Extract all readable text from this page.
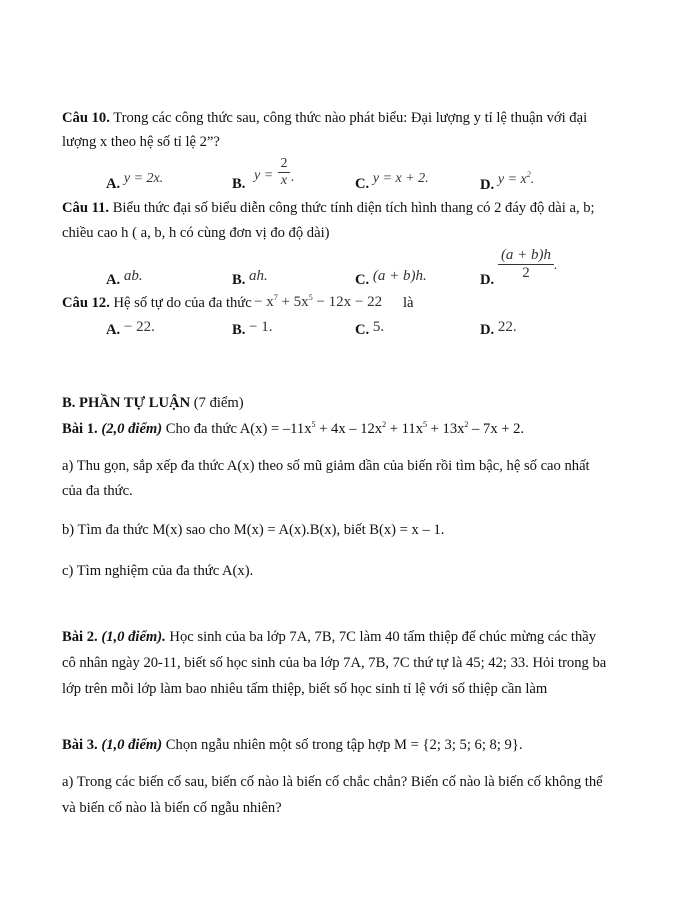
Câu 10. Trong các công thức sau, công thức nào phát biểu: Đại lượng y tỉ lệ thuận với đại
lượng x theo hệ số tỉ lệ 2”?
A. y = 2x.	B.
$y = \frac{2}{x}$ .	C. y = x + 2.	D. $y = x^2$.
Câu 11. Biểu thức đại số biểu diễn công thức tính diện tích hình thang có 2 đáy độ dài a, b;
chiều cao h ( a, b, h có cùng đơn vị đo độ dài)
A. ab.	B. ah.	C. (a + b)h.	D. $\frac{(a + b)h}{2}$ .
Câu 12. Hệ số tự do của đa thức − $x^7 + 5x^5 - 12x - 22$ là
A. − 22.	B. − 1.	C. 5.	D. 22.
B. PHẦN TỰ LUẬN (7 điểm)
Bài 1. (2,0 điểm) Cho đa thức $A(x) = -11x^5 + 4x - 12x^2 + 11x^5 + 13x^2 - 7x + 2$.
a) Thu gọn, sắp xếp đa thức A(x) theo số mũ giảm dần của biến rồi tìm bậc, hệ số cao nhất
của đa thức.
b) Tìm đa thức M(x) sao cho M(x) = A(x).B(x), biết B(x) = x – 1.
c) Tìm nghiệm của đa thức A(x).
Bài 2. (1,0 điểm). Học sinh của ba lớp 7A, 7B, 7C làm 40 tấm thiệp để chúc mừng các thầy
cô nhân ngày 20-11, biết số học sinh của ba lớp 7A, 7B, 7C thứ tự là 45; 42; 33. Hỏi trong ba
lớp trên mỗi lớp làm bao nhiêu tấm thiệp, biết số học sinh tỉ lệ với số thiệp cần làm
Bài 3. (1,0 điểm) Chọn ngẫu nhiên một số trong tập hợp M = {2; 3; 5; 6; 8; 9}.
a) Trong các biến cố sau, biến cố nào là biến cố chắc chắn? Biến cố nào là biến cố không thể
và biến cố nào là biến cố ngẫu nhiên?
